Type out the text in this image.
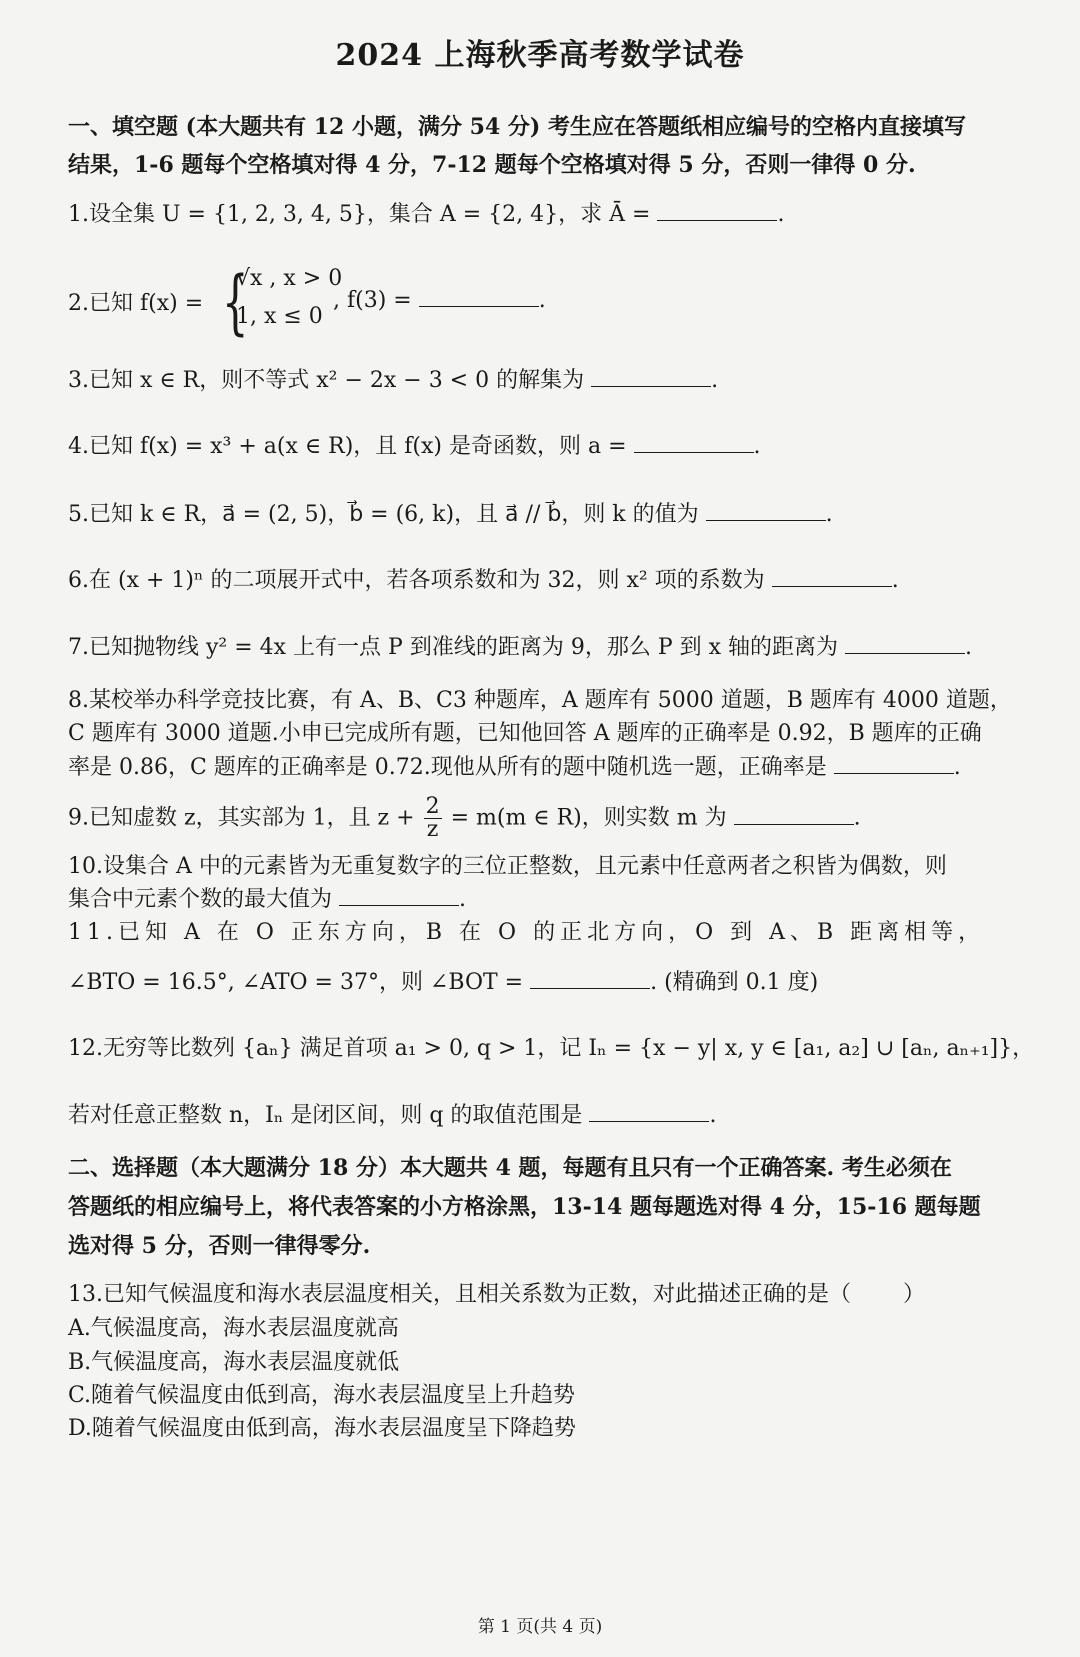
2024 上海秋季高考数学试卷
一、填空题 (本大题共有 12 小题，满分 54 分) 考生应在答题纸相应编号的空格内直接填写
结果，1-6 题每个空格填对得 4 分，7-12 题每个空格填对得 5 分，否则一律得 0 分.
1.设全集 U = {1, 2, 3, 4, 5}，集合 A = {2, 4}，求 Ā =	.
2.已知 f(x) = {
√x , x > 0
1, x ≤ 0
, f(3) =	.
3.已知 x ∈ R，则不等式 x² − 2x − 3 < 0 的解集为	.
4.已知 f(x) = x³ + a(x ∈ R)，且 f(x) 是奇函数，则 a =	.
5.已知 k ∈ R，a⃗ = (2, 5)，b⃗ = (6, k)，且 a⃗ // b⃗，则 k 的值为	.
6.在 (x + 1)ⁿ 的二项展开式中，若各项系数和为 32，则 x² 项的系数为	.
7.已知抛物线 y² = 4x 上有一点 P 到准线的距离为 9，那么 P 到 x 轴的距离为	.
8.某校举办科学竞技比赛，有 A、B、C3 种题库，A 题库有 5000 道题，B 题库有 4000 道题，
C 题库有 3000 道题.小申已完成所有题，已知他回答 A 题库的正确率是 0.92，B 题库的正确
率是 0.86，C 题库的正确率是 0.72.现他从所有的题中随机选一题，正确率是	.
9.已知虚数 z，其实部为 1，且 $z + \frac{2}{z} = m(m$ ∈ R)，则实数 m 为	.
10.设集合 A 中的元素皆为无重复数字的三位正整数，且元素中任意两者之积皆为偶数，则
集合中元素个数的最大值为	.
11.已知 A 在 O 正东方向，B 在 O 的正北方向，O 到 A、B 距离相等，
∠BTO = 16.5°, ∠ATO = 37°，则 ∠BOT =	. (精确到 0.1 度)
12.无穷等比数列 {aₙ} 满足首项 a₁ > 0, q > 1，记 Iₙ = {x − y| x, y ∈ [a₁, a₂] ∪ [aₙ, aₙ₊₁]}，
若对任意正整数 n，Iₙ 是闭区间，则 q 的取值范围是	.
二、选择题（本大题满分 18 分）本大题共 4 题，每题有且只有一个正确答案. 考生必须在
答题纸的相应编号上，将代表答案的小方格涂黑，13-14 题每题选对得 4 分，15-16 题每题
选对得 5 分，否则一律得零分.
13.已知气候温度和海水表层温度相关，且相关系数为正数，对此描述正确的是（ ）
A.气候温度高，海水表层温度就高
B.气候温度高，海水表层温度就低
C.随着气候温度由低到高，海水表层温度呈上升趋势
D.随着气候温度由低到高，海水表层温度呈下降趋势
第 1 页(共 4 页)
